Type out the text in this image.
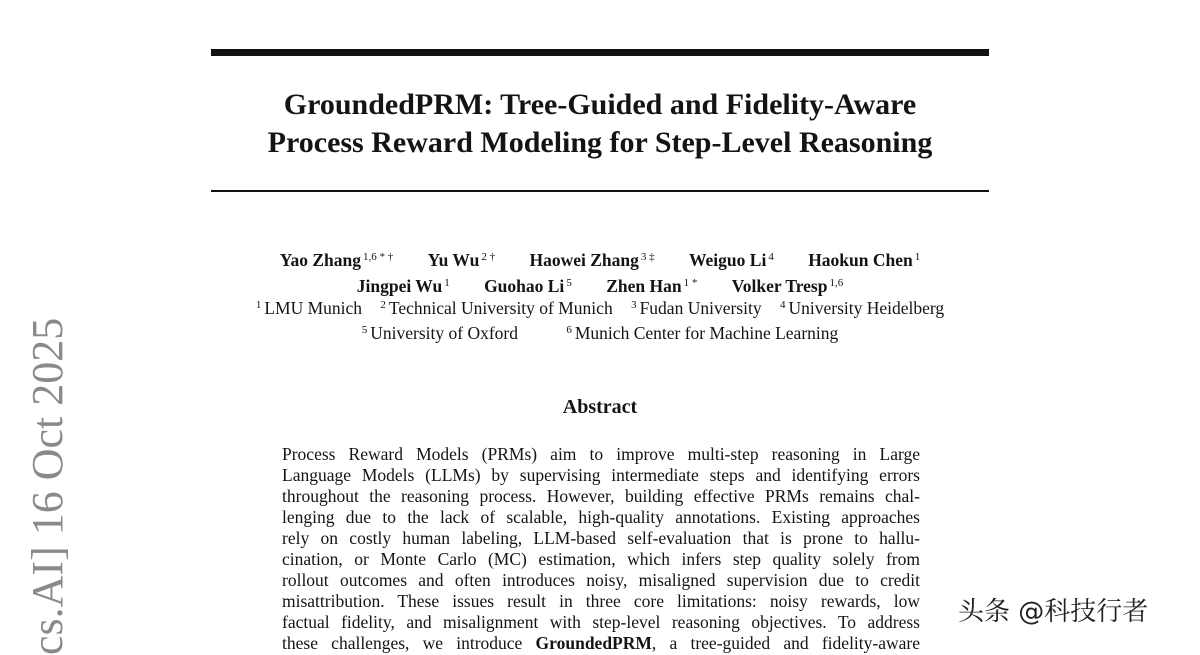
GroundedPRM: Tree-Guided and Fidelity-Aware
Process Reward Modeling for Step-Level Reasoning
Yao Zhang $^{1,6 * \dagger}$ Yu Wu $^{2 \dagger}$ Haowei Zhang $^{3 \ddagger}$ Weiguo Li $^4$ Haokun Chen $^1$
Jingpei Wu $^1$ Guohao Li $^5$ Zhen Han $^{1 *}$ Volker Tresp $^{1,6}$
$^1$ LMU Munich $^2$ Technical University of Munich $^3$ Fudan University $^4$ University Heidelberg
$^5$ University of Oxford	$^6$ Munich Center for Machine Learning
Abstract
Process Reward Models (PRMs) aim to improve multi-step reasoning in Large
Language Models (LLMs) by supervising intermediate steps and identifying errors
throughout the reasoning process. However, building effective PRMs remains chal-
lenging due to the lack of scalable, high-quality annotations. Existing approaches
rely on costly human labeling, LLM-based self-evaluation that is prone to hallu-
cination, or Monte Carlo (MC) estimation, which infers step quality solely from
rollout outcomes and often introduces noisy, misaligned supervision due to credit
misattribution. These issues result in three core limitations: noisy rewards, low
factual fidelity, and misalignment with step-level reasoning objectives. To address
these challenges, we introduce GroundedPRM, a tree-guided and fidelity-aware
cs.AI] 16 Oct 2025	头条 @科技行者
